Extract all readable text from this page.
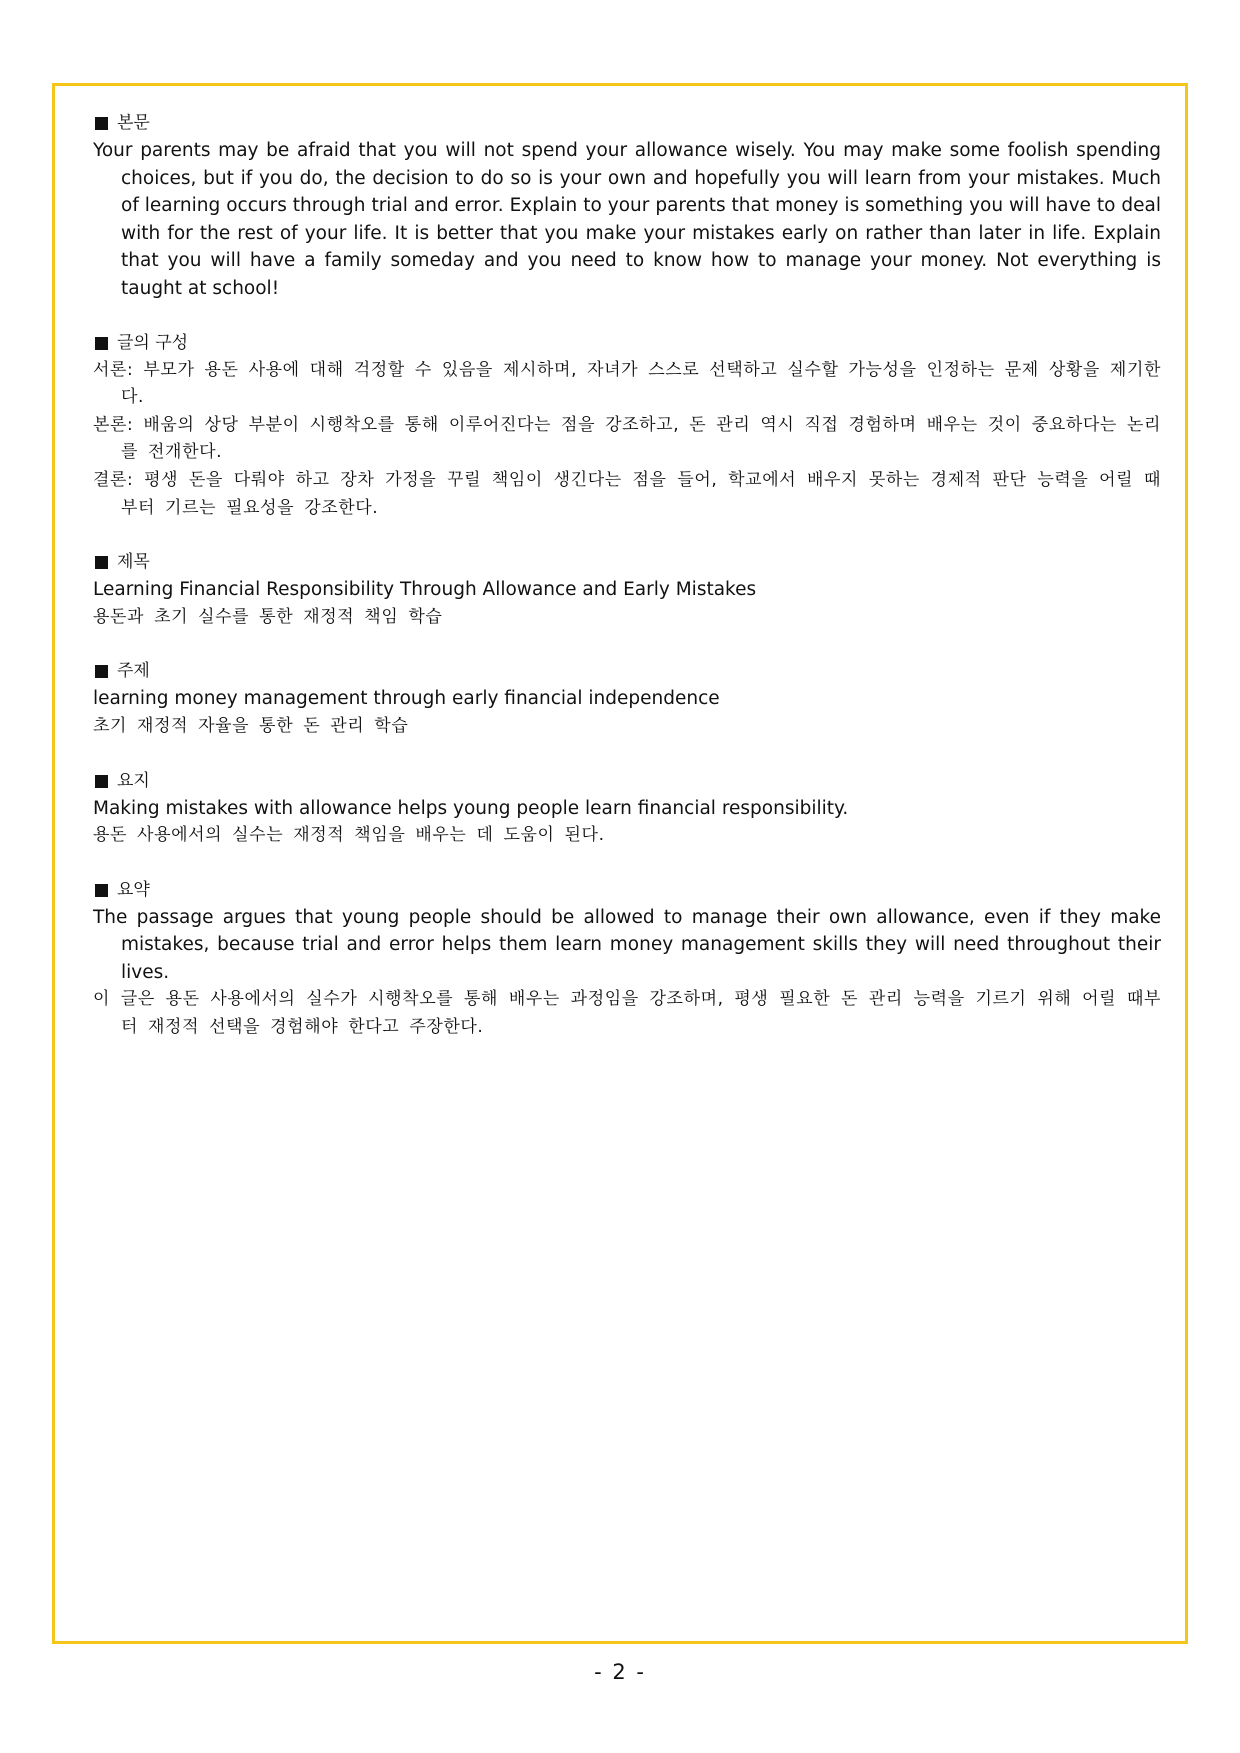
본문

Your parents may be afraid that you will not spend your allowance wisely. You may make some foolish spending choices, but if you do, the decision to do so is your own and hopefully you will learn from your mistakes. Much of learning occurs through trial and error. Explain to your parents that money is something you will have to deal with for the rest of your life. It is better that you make your mistakes early on rather than later in life. Explain that you will have a family someday and you need to know how to manage your money. Not everything is taught at school!

글의 구성

서론: 부모가 용돈 사용에 대해 걱정할 수 있음을 제시하며, 자녀가 스스로 선택하고 실수할 가능성을 인정하는 문제 상황을 제기한다.

본론: 배움의 상당 부분이 시행착오를 통해 이루어진다는 점을 강조하고, 돈 관리 역시 직접 경험하며 배우는 것이 중요하다는 논리를 전개한다.

결론: 평생 돈을 다뤄야 하고 장차 가정을 꾸릴 책임이 생긴다는 점을 들어, 학교에서 배우지 못하는 경제적 판단 능력을 어릴 때부터 기르는 필요성을 강조한다.

제목

Learning Financial Responsibility Through Allowance and Early Mistakes

용돈과 초기 실수를 통한 재정적 책임 학습

주제

learning money management through early financial independence

초기 재정적 자율을 통한 돈 관리 학습

요지

Making mistakes with allowance helps young people learn financial responsibility.

용돈 사용에서의 실수는 재정적 책임을 배우는 데 도움이 된다.

요약

The passage argues that young people should be allowed to manage their own allowance, even if they make mistakes, because trial and error helps them learn money management skills they will need throughout their lives.

이 글은 용돈 사용에서의 실수가 시행착오를 통해 배우는 과정임을 강조하며, 평생 필요한 돈 관리 능력을 기르기 위해 어릴 때부터 재정적 선택을 경험해야 한다고 주장한다.

- 2 -
